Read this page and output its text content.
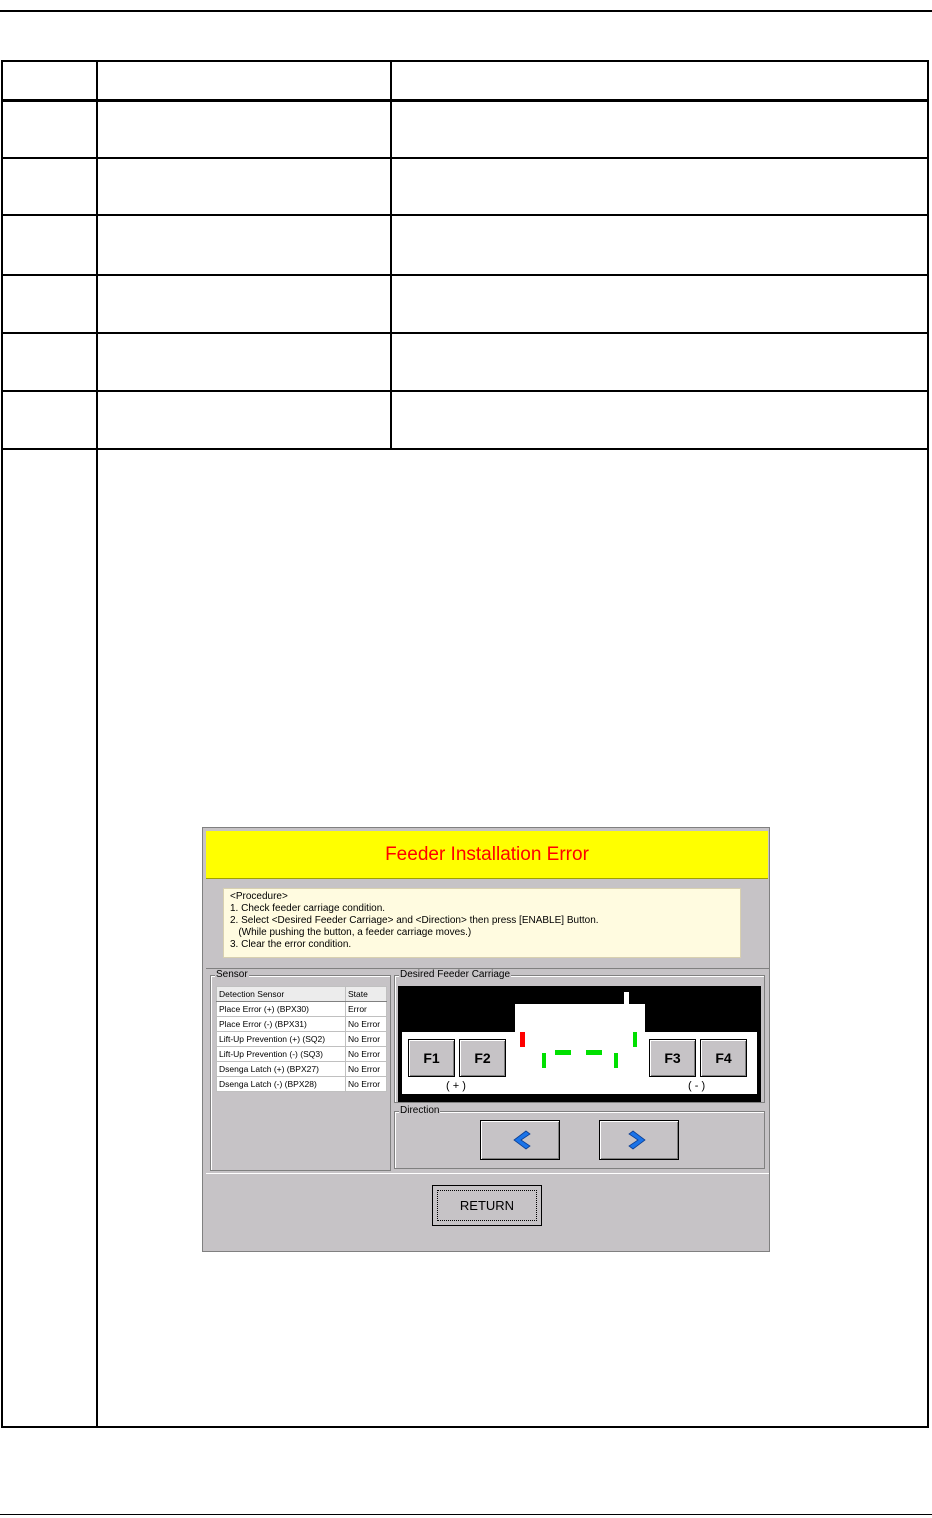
Feeder Installation Error
<Procedure>
1. Check feeder carriage condition.
2. Select <Desired Feeder Carriage> and <Direction> then press [ENABLE] Button.
(While pushing the button, a feeder carriage moves.)
3. Clear the error condition.
Sensor
Detection Sensor	State
Place Error (+) (BPX30)	Error
Place Error (-) (BPX31)	No Error
Lift-Up Prevention (+) (SQ2)	No Error
Lift-Up Prevention (-) (SQ3)	No Error
Dsenga Latch (+) (BPX27)	No Error
Dsenga Latch (-) (BPX28)	No Error
Desired Feeder Carriage
F1	F2	F3	F4
( + )	( - )
Direction
RETURN
